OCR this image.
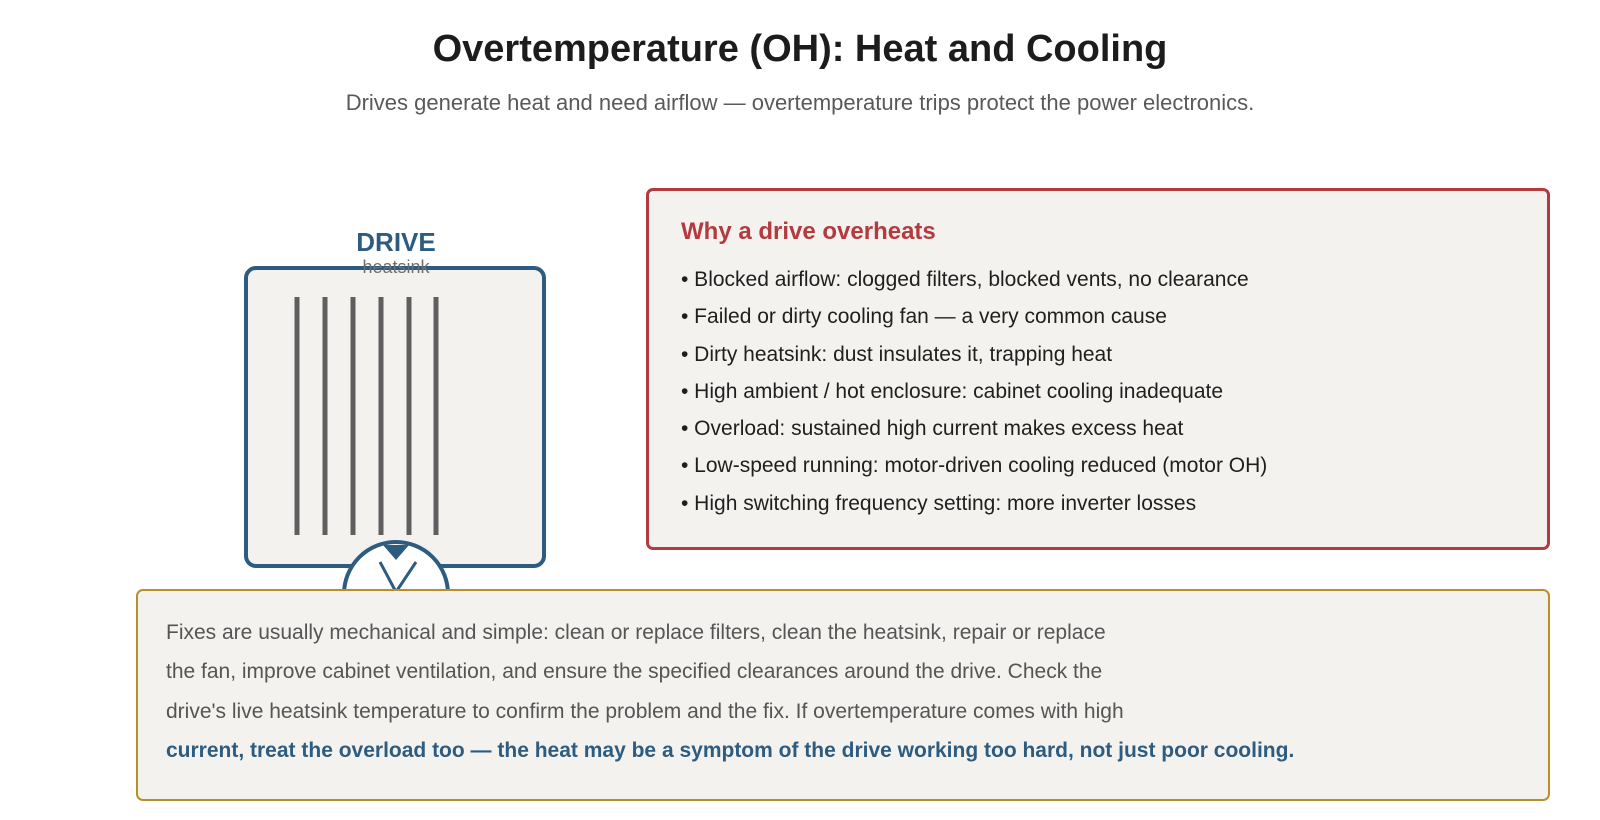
Overtemperature (OH): Heat and Cooling
Drives generate heat and need airflow — overtemperature trips protect the power electronics.
DRIVE
heatsink
Why a drive overheats
• Blocked airflow: clogged filters, blocked vents, no clearance
• Failed or dirty cooling fan — a very common cause
• Dirty heatsink: dust insulates it, trapping heat
• High ambient / hot enclosure: cabinet cooling inadequate
• Overload: sustained high current makes excess heat
• Low-speed running: motor-driven cooling reduced (motor OH)
• High switching frequency setting: more inverter losses
Fixes are usually mechanical and simple: clean or replace filters, clean the heatsink, repair or replace
the fan, improve cabinet ventilation, and ensure the specified clearances around the drive. Check the
drive's live heatsink temperature to confirm the problem and the fix. If overtemperature comes with high
current, treat the overload too — the heat may be a symptom of the drive working too hard, not just poor cooling.
